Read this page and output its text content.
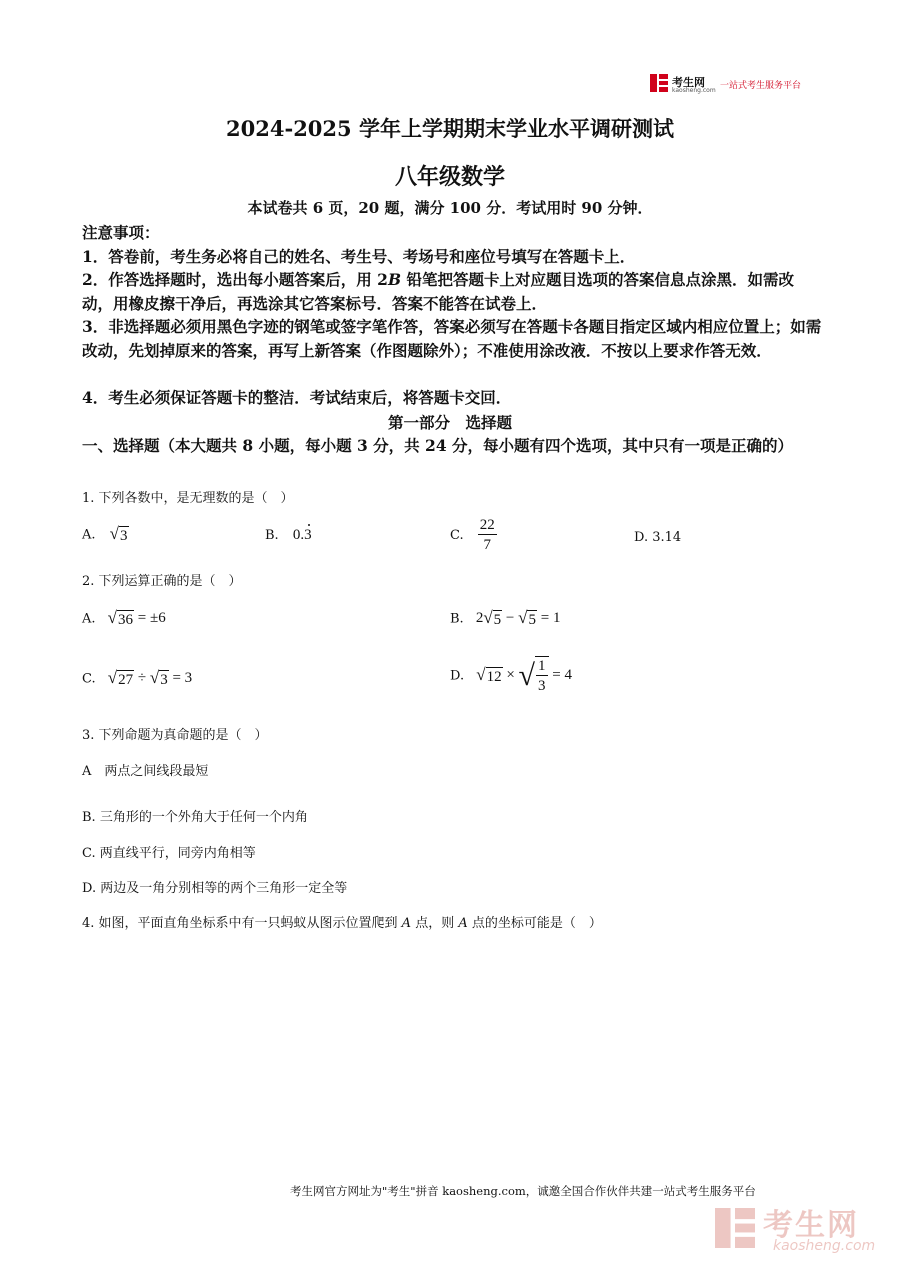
考生网
kaosheng.com 一站式考生服务平台
2024-2025 学年上学期期末学业水平调研测试
八年级数学
本试卷共 6 页，20 题，满分 100 分．考试用时 90 分钟．
注意事项：
1．答卷前，考生务必将自己的姓名、考生号、考场号和座位号填写在答题卡上．
2．作答选择题时，选出每小题答案后，用 2B 铅笔把答题卡上对应题目选项的答案信息点涂黑．如需改动，用橡皮擦干净后，再选涂其它答案标号．答案不能答在试卷上．
3．非选择题必须用黑色字迹的钢笔或签字笔作答，答案必须写在答题卡各题目指定区域内相应位置上；如需改动，先划掉原来的答案，再写上新答案（作图题除外）；不准使用涂改液．不按以上要求作答无效．
4．考生必须保证答题卡的整洁．考试结束后，将答题卡交回．
第一部分　选择题
一、选择题（本大题共 8 小题，每小题 3 分，共 24 分，每小题有四个选项，其中只有一项是正确的）
1. 下列各数中，是无理数的是（　）
A. √ 3	B. 0.3	C. $\frac{22}{7}$	D. 3.14
2. 下列运算正确的是（　）
A. √ 36 = ±6	B. 2 √ 5 − √ 5 = 1
C. √ 27 ÷ √ 3 = 3	D. √ 12 × √ $\frac{1}{3} = 4$
3. 下列命题为真命题的是（　）
A　两点之间线段最短
B. 三角形的一个外角大于任何一个内角
C. 两直线平行，同旁内角相等
D. 两边及一角分别相等的两个三角形一定全等
4. 如图，平面直角坐标系中有一只蚂蚁从图示位置爬到 A 点，则 A 点的坐标可能是（　）
考生网官方网址为"考生"拼音 kaosheng.com，诚邀全国合作伙伴共建一站式考生服务平台
考生网
kaosheng.com
